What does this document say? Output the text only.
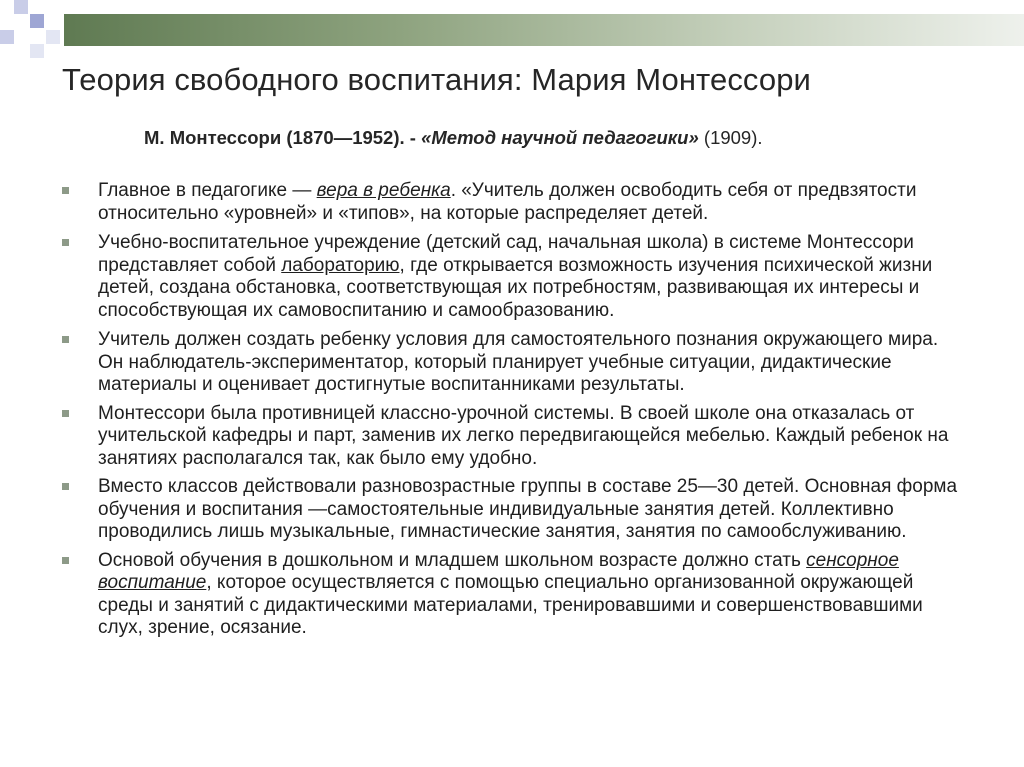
Теория свободного воспитания: Мария Монтессори

М. Монтессори (1870—1952). - «Метод научной педагогики» (1909).

Главное в педагогике — вера в ребенка. «Учитель должен освободить себя от предвзятости относительно «уровней» и «типов», на которые распределяет детей.
Учебно-воспитательное учреждение (детский сад, начальная школа) в системе Монтессори представляет собой лабораторию, где открывается возможность изучения психической жизни детей, создана обстановка, соответствующая их потребностям, развивающая их интересы и способствующая их самовоспитанию и самообразованию.
Учитель должен создать ребенку условия для самостоятельного познания окружающего мира. Он наблюдатель-экспериментатор, который планирует учебные ситуации, дидактические материалы и оценивает достигнутые воспитанниками результаты.
Монтессори была противницей классно-урочной системы. В своей школе она отказалась от учительской кафедры и парт, заменив их легко передвигающейся мебелью. Каждый ребенок на занятиях располагался так, как было ему удобно.
Вместо классов действовали разновозрастные группы в составе 25—30 детей. Основная форма обучения и воспитания —самостоятельные индивидуальные занятия детей. Коллективно проводились лишь музыкальные, гимнастические занятия, занятия по самообслуживанию.
Основой обучения в дошкольном и младшем школьном возрасте должно стать сенсорное воспитание, которое осуществляется с помощью специально организованной окружающей среды и занятий с дидактическими материалами, тренировавшими и совершенствовавшими слух, зрение, осязание.
